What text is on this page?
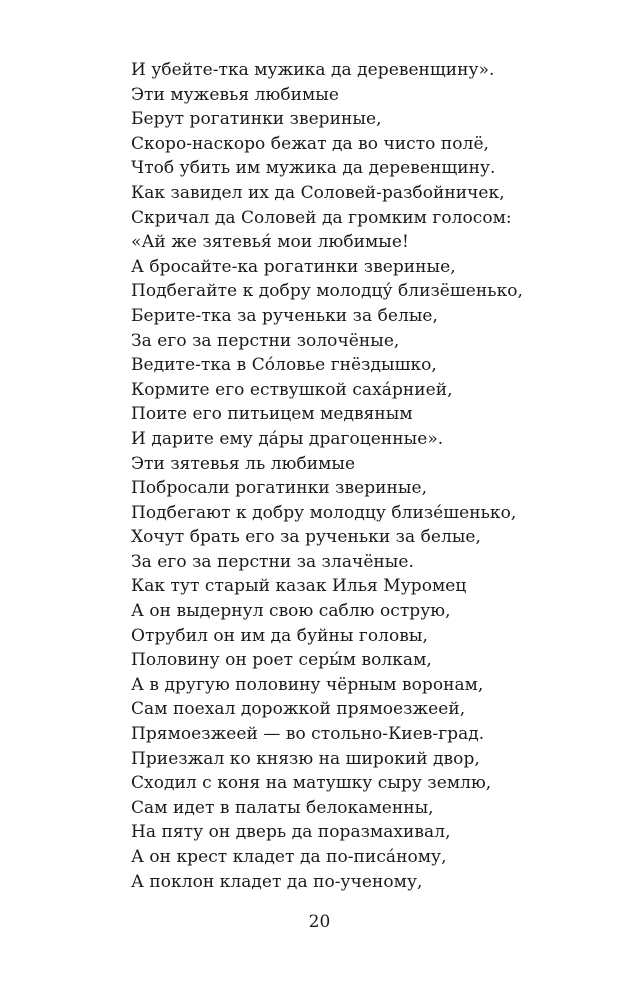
И убейте-тка мужика да деревенщину».
Эти мужевья любимые
Берут рогатинки звериные,
Скоро-наскоро бежат да во чисто полё,
Чтоб убить им мужика да деревенщину.
Как завидел их да Соловей-разбойничек,
Скричал да Соловей да громким голосом:
«Ай же зятевья́ мои любимые!
А бросайте-ка рогатинки звериные,
Подбегайте к добру молодцу́ близёшенько,
Берите-тка за рученьки за белые,
За его за перстни золочёные,
Ведите-тка в Со́ловье гнёздышко,
Кормите его ествушкой саха́рнией,
Поите его питьицем медвяным
И дарите ему да́ры драгоценные».
Эти зятевья ль любимые
Побросали рогатинки звериные,
Подбегают к добру молодцу близе́шенько,
Хочут брать его за рученьки за белые,
За его за перстни за злачёные.
Как тут старый казак Илья Муромец
А он выдернул свою саблю острую,
Отрубил он им да буйны головы,
Половину он роет серы́м волкам,
А в другую половину чёрным воронам,
Сам поехал дорожкой прямоезжеей,
Прямоезжеей — во стольно-Киев-град.
Приезжал ко князю на широкий двор,
Сходил с коня на матушку сыру землю,
Сам идет в палаты белокаменны,
На пяту он дверь да поразмахивал,
А он крест кладет да по-писа́ному,
А поклон кладет да по-ученому,
20
